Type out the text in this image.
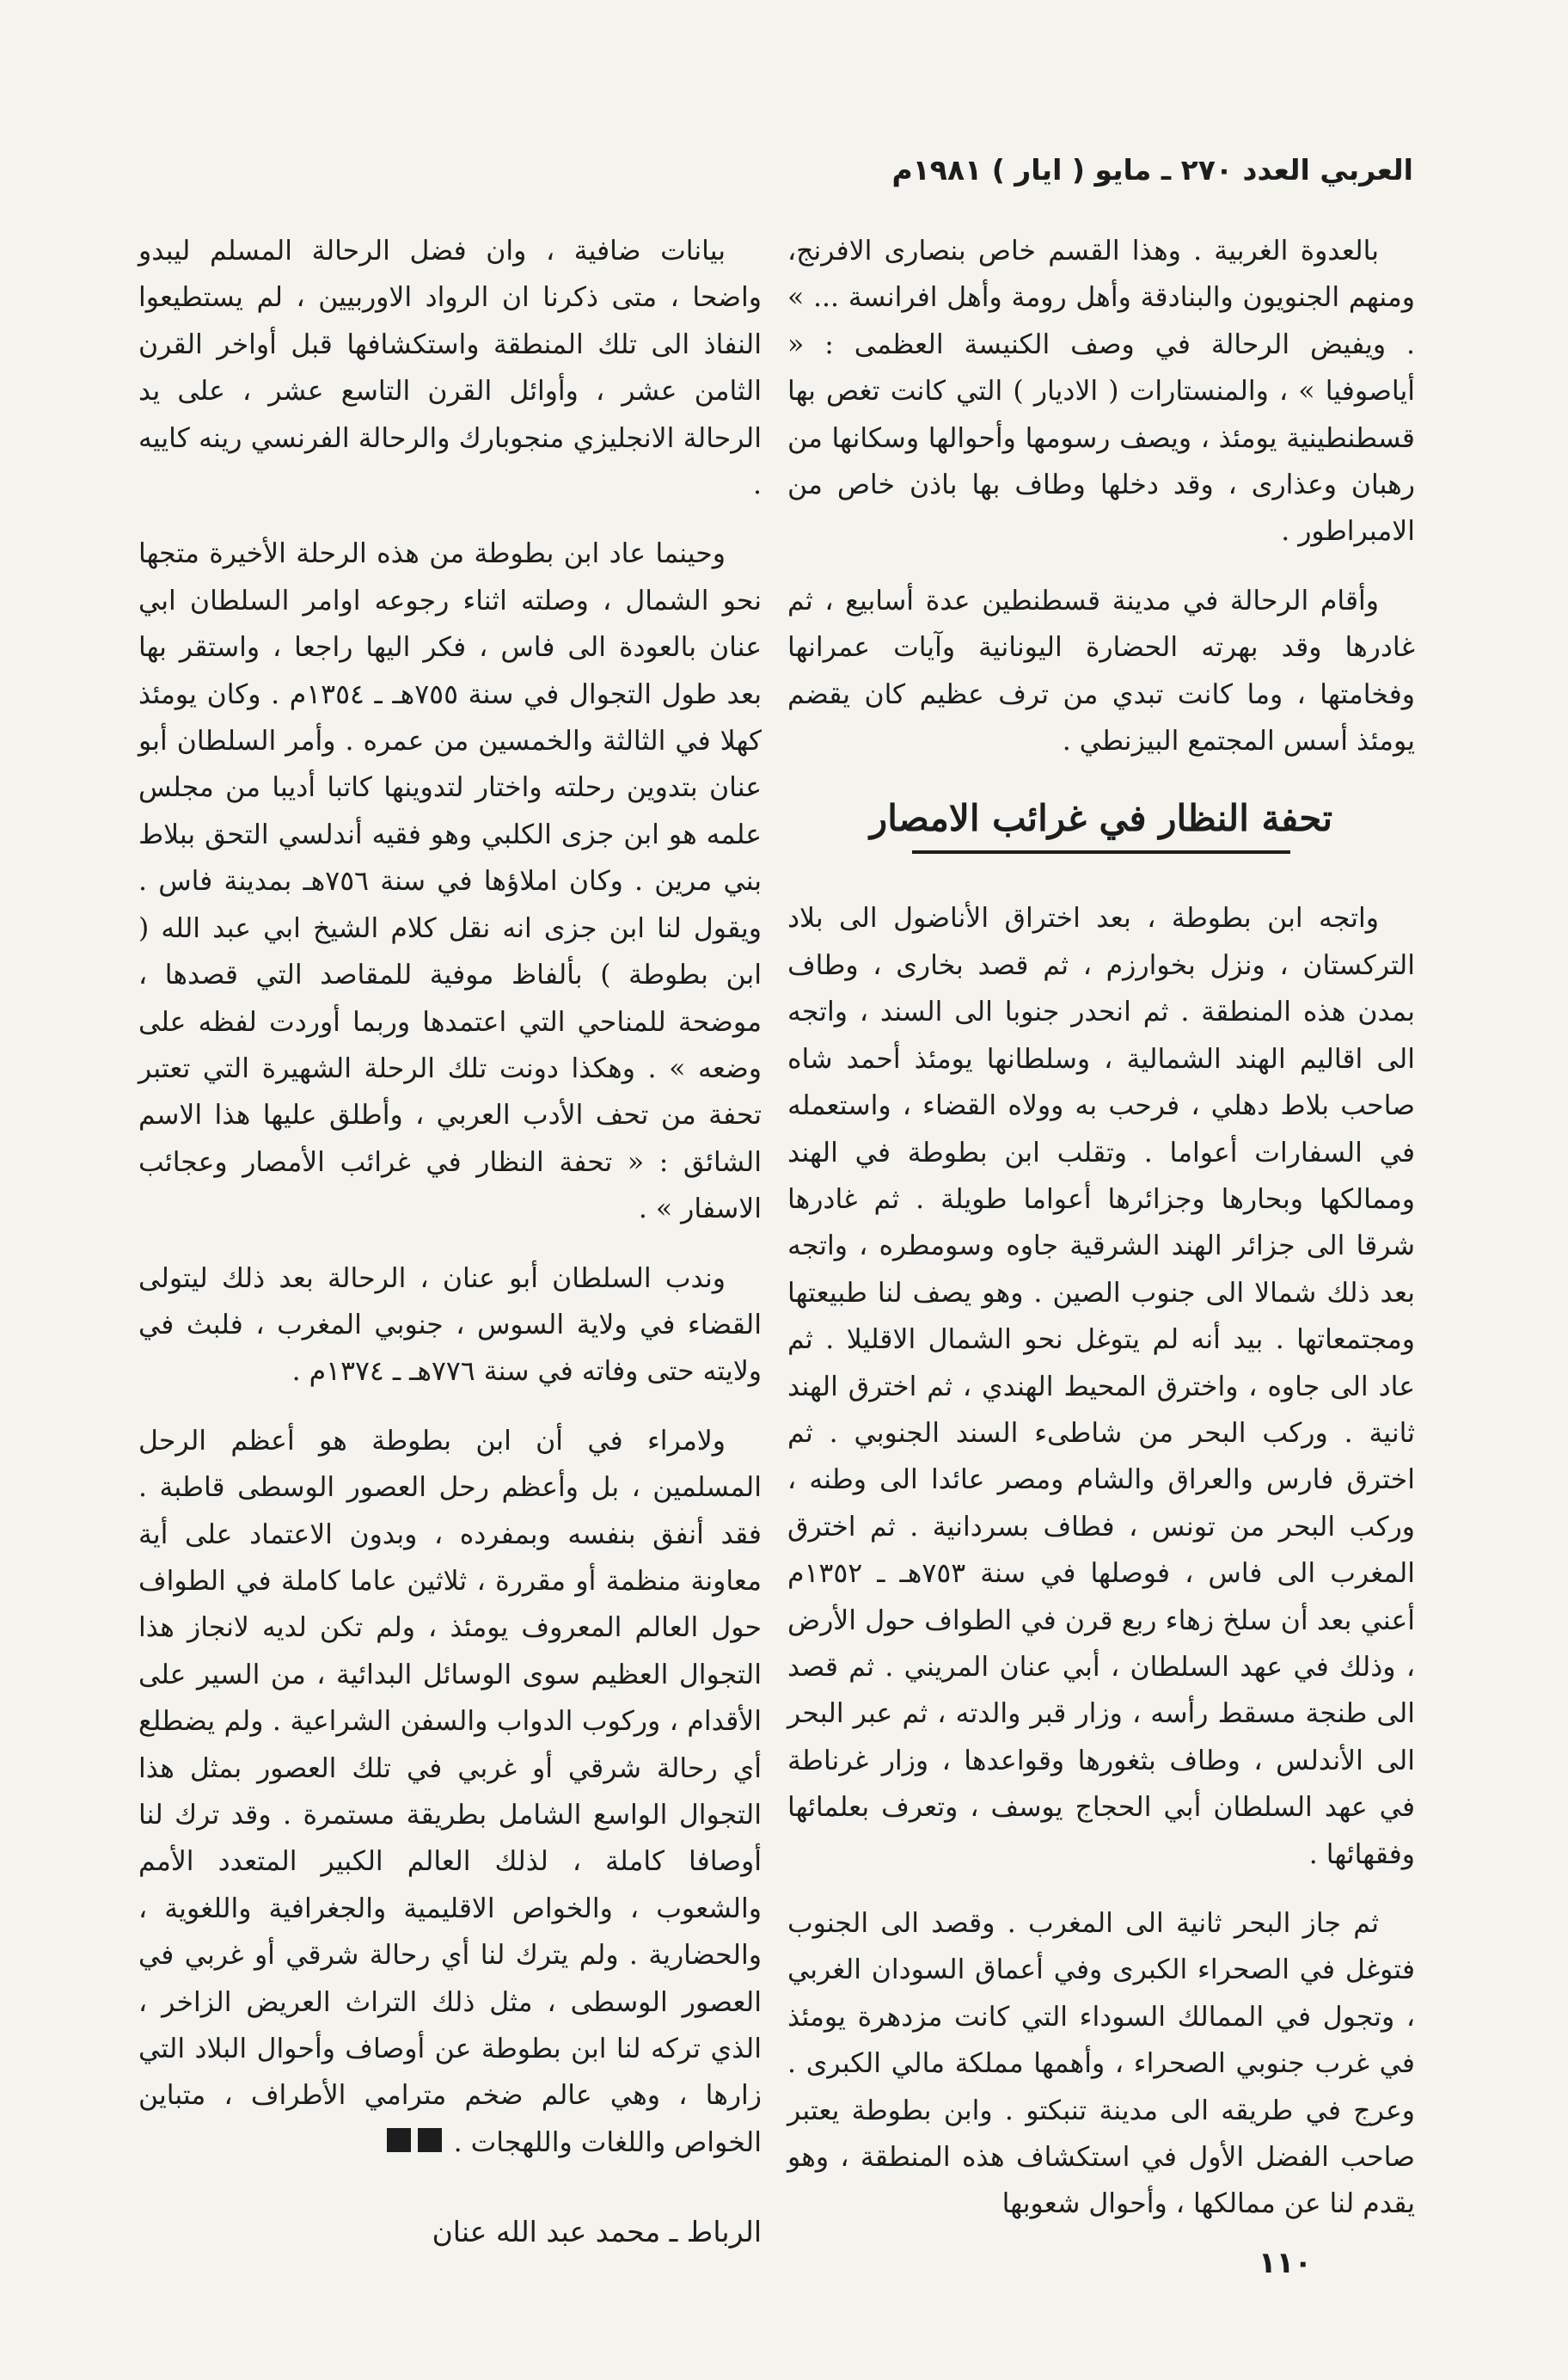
العربي العدد ٢٧٠ ـ مايو ( ايار ) ١٩٨١م

بالعدوة الغربية . وهذا القسم خاص بنصارى الافرنج، ومنهم الجنويون والبنادقة وأهل رومة وأهل افرانسة ... » . ويفيض الرحالة في وصف الكنيسة العظمى : « أياصوفيا » ، والمنستارات ( الاديار ) التي كانت تغص بها قسطنطينية يومئذ ، ويصف رسومها وأحوالها وسكانها من رهبان وعذارى ، وقد دخلها وطاف بها باذن خاص من الامبراطور .

وأقام الرحالة في مدينة قسطنطين عدة أسابيع ، ثم غادرها وقد بهرته الحضارة اليونانية وآيات عمرانها وفخامتها ، وما كانت تبدي من ترف عظيم كان يقضم يومئذ أسس المجتمع البيزنطي .

تحفة النظار في غرائب الامصار

واتجه ابن بطوطة ، بعد اختراق الأناضول الى بلاد التركستان ، ونزل بخوارزم ، ثم قصد بخارى ، وطاف بمدن هذه المنطقة . ثم انحدر جنوبا الى السند ، واتجه الى اقاليم الهند الشمالية ، وسلطانها يومئذ أحمد شاه صاحب بلاط دهلي ، فرحب به وولاه القضاء ، واستعمله في السفارات أعواما . وتقلب ابن بطوطة في الهند وممالكها وبحارها وجزائرها أعواما طويلة . ثم غادرها شرقا الى جزائر الهند الشرقية جاوه وسومطره ، واتجه بعد ذلك شمالا الى جنوب الصين . وهو يصف لنا طبيعتها ومجتمعاتها . بيد أنه لم يتوغل نحو الشمال الاقليلا . ثم عاد الى جاوه ، واخترق المحيط الهندي ، ثم اخترق الهند ثانية . وركب البحر من شاطىء السند الجنوبي . ثم اخترق فارس والعراق والشام ومصر عائدا الى وطنه ، وركب البحر من تونس ، فطاف بسردانية . ثم اخترق المغرب الى فاس ، فوصلها في سنة ٧٥٣هـ ـ ١٣٥٢م أعني بعد أن سلخ زهاء ربع قرن في الطواف حول الأرض ، وذلك في عهد السلطان ، أبي عنان المريني . ثم قصد الى طنجة مسقط رأسه ، وزار قبر والدته ، ثم عبر البحر الى الأندلس ، وطاف بثغورها وقواعدها ، وزار غرناطة في عهد السلطان أبي الحجاج يوسف ، وتعرف بعلمائها وفقهائها .

ثم جاز البحر ثانية الى المغرب . وقصد الى الجنوب فتوغل في الصحراء الكبرى وفي أعماق السودان الغربي ، وتجول في الممالك السوداء التي كانت مزدهرة يومئذ في غرب جنوبي الصحراء ، وأهمها مملكة مالي الكبرى . وعرج في طريقه الى مدينة تنبكتو . وابن بطوطة يعتبر صاحب الفضل الأول في استكشاف هذه المنطقة ، وهو يقدم لنا عن ممالكها ، وأحوال شعوبها

بيانات ضافية ، وان فضل الرحالة المسلم ليبدو واضحا ، متى ذكرنا ان الرواد الاوربيين ، لم يستطيعوا النفاذ الى تلك المنطقة واستكشافها قبل أواخر القرن الثامن عشر ، وأوائل القرن التاسع عشر ، على يد الرحالة الانجليزي منجوبارك والرحالة الفرنسي رينه كاييه .

وحينما عاد ابن بطوطة من هذه الرحلة الأخيرة متجها نحو الشمال ، وصلته اثناء رجوعه اوامر السلطان ابي عنان بالعودة الى فاس ، فكر اليها راجعا ، واستقر بها بعد طول التجوال في سنة ٧٥٥هـ ـ ١٣٥٤م . وكان يومئذ كهلا في الثالثة والخمسين من عمره . وأمر السلطان أبو عنان بتدوين رحلته واختار لتدوينها كاتبا أديبا من مجلس علمه هو ابن جزى الكلبي وهو فقيه أندلسي التحق ببلاط بني مرين . وكان املاؤها في سنة ٧٥٦هـ بمدينة فاس . ويقول لنا ابن جزى انه نقل كلام الشيخ ابي عبد الله ( ابن بطوطة ) بألفاظ موفية للمقاصد التي قصدها ، موضحة للمناحي التي اعتمدها وربما أوردت لفظه على وضعه » . وهكذا دونت تلك الرحلة الشهيرة التي تعتبر تحفة من تحف الأدب العربي ، وأطلق عليها هذا الاسم الشائق : « تحفة النظار في غرائب الأمصار وعجائب الاسفار » .

وندب السلطان أبو عنان ، الرحالة بعد ذلك ليتولى القضاء في ولاية السوس ، جنوبي المغرب ، فلبث في ولايته حتى وفاته في سنة ٧٧٦هـ ـ ١٣٧٤م .

ولامراء في أن ابن بطوطة هو أعظم الرحل المسلمين ، بل وأعظم رحل العصور الوسطى قاطبة . فقد أنفق بنفسه وبمفرده ، وبدون الاعتماد على أية معاونة منظمة أو مقررة ، ثلاثين عاما كاملة في الطواف حول العالم المعروف يومئذ ، ولم تكن لديه لانجاز هذا التجوال العظيم سوى الوسائل البدائية ، من السير على الأقدام ، وركوب الدواب والسفن الشراعية . ولم يضطلع أي رحالة شرقي أو غربي في تلك العصور بمثل هذا التجوال الواسع الشامل بطريقة مستمرة . وقد ترك لنا أوصافا كاملة ، لذلك العالم الكبير المتعدد الأمم والشعوب ، والخواص الاقليمية والجغرافية واللغوية ، والحضارية . ولم يترك لنا أي رحالة شرقي أو غربي في العصور الوسطى ، مثل ذلك التراث العريض الزاخر ، الذي تركه لنا ابن بطوطة عن أوصاف وأحوال البلاد التي زارها ، وهي عالم ضخم مترامي الأطراف ، متباين الخواص واللغات واللهجات .

الرباط ـ محمد عبد الله عنان
١١٠
